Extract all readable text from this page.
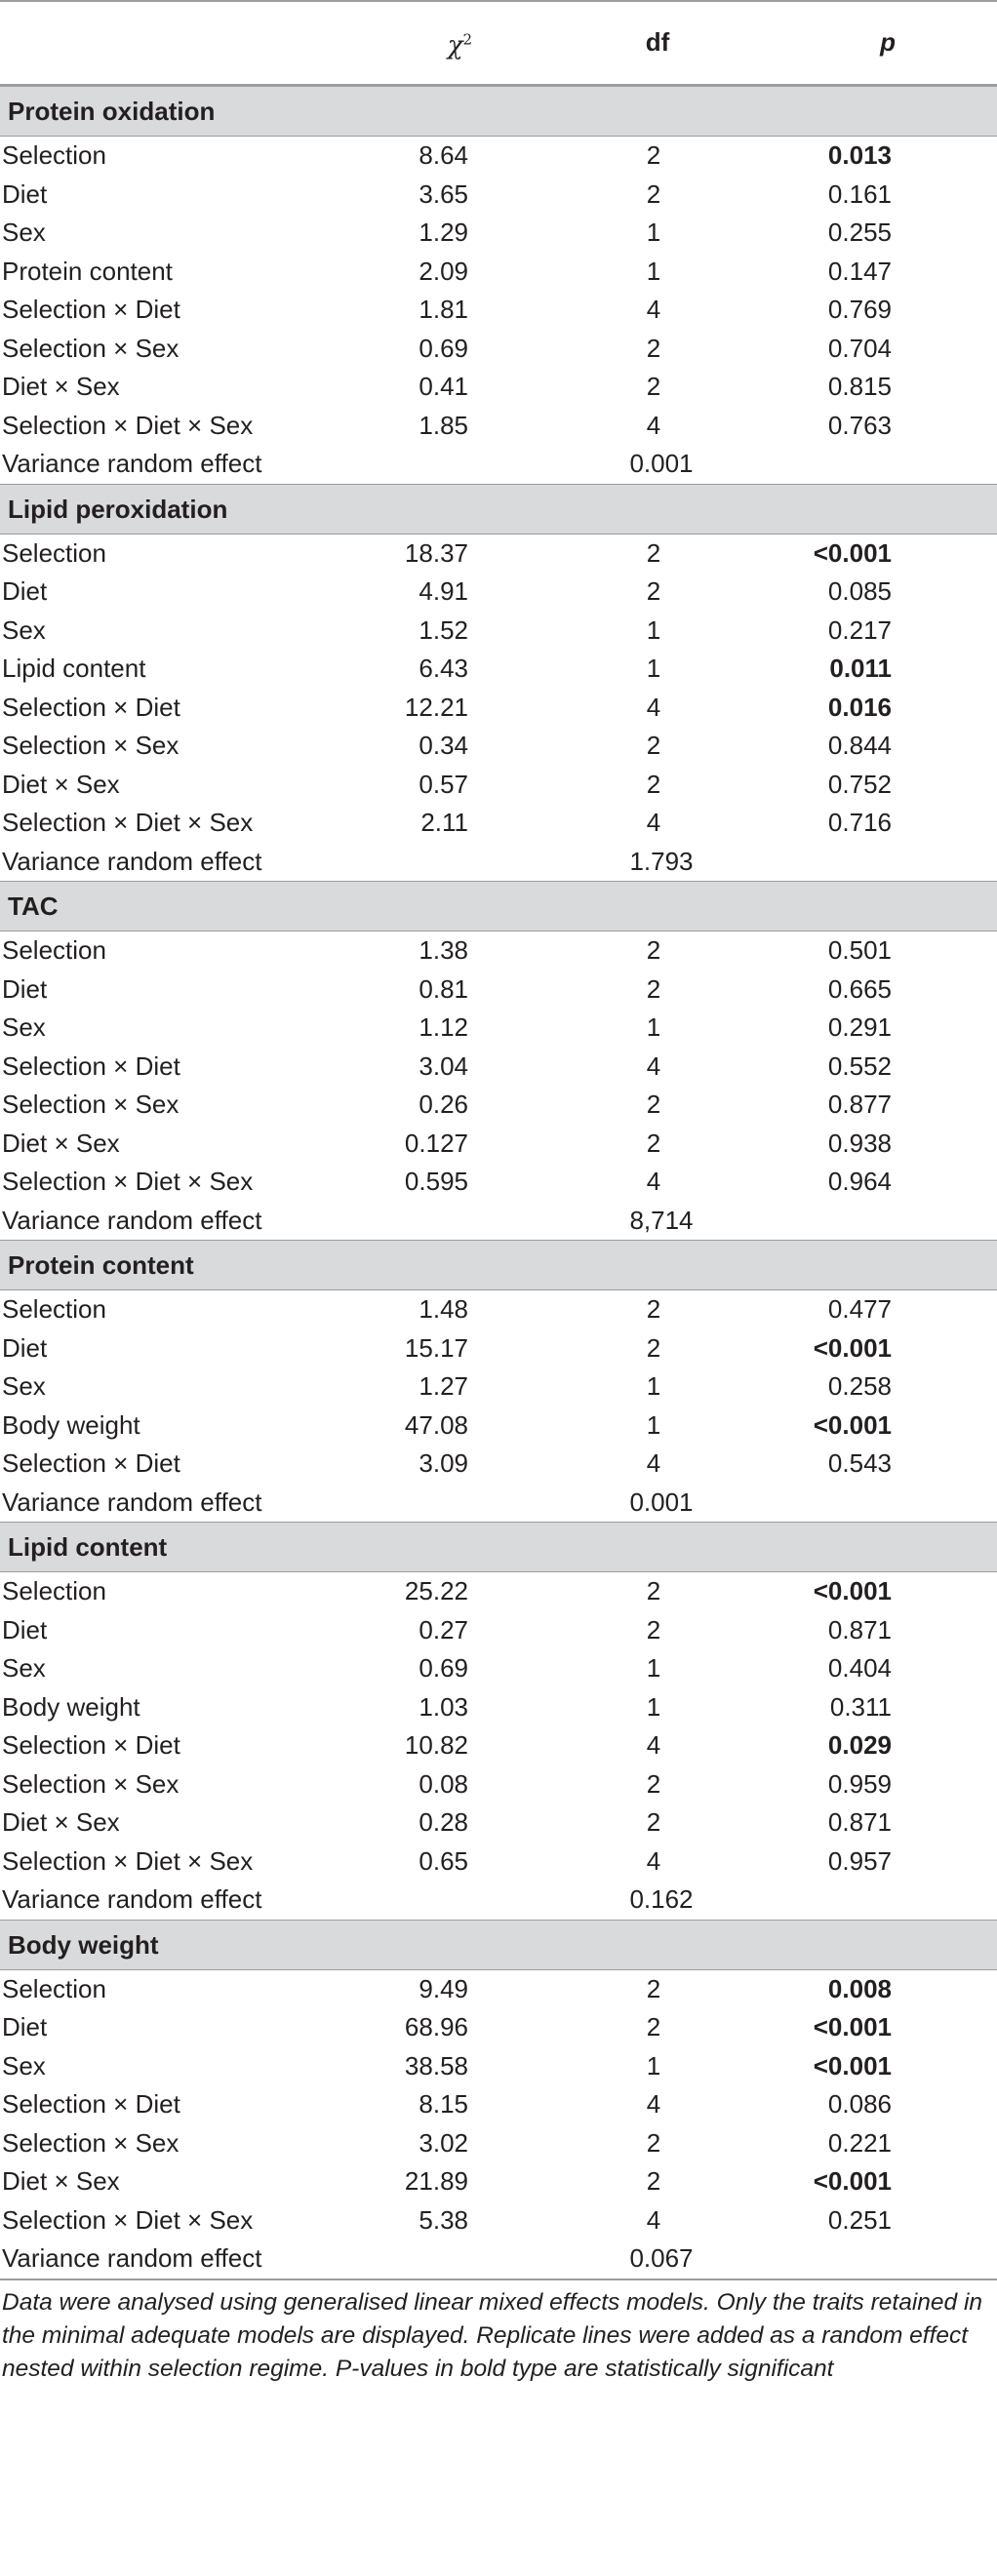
$\chi^2$	df	p
Protein oxidation
Selection	8.64	2	0.013
Diet	3.65	2	0.161
Sex	1.29	1	0.255
Protein content	2.09	1	0.147
Selection × Diet	1.81	4	0.769
Selection × Sex	0.69	2	0.704
Diet × Sex	0.41	2	0.815
Selection × Diet × Sex	1.85	4	0.763
Variance random effect	0.001
Lipid peroxidation
Selection	18.37	2	<0.001
Diet	4.91	2	0.085
Sex	1.52	1	0.217
Lipid content	6.43	1	0.011
Selection × Diet	12.21	4	0.016
Selection × Sex	0.34	2	0.844
Diet × Sex	0.57	2	0.752
Selection × Diet × Sex	2.11	4	0.716
Variance random effect	1.793
TAC
Selection	1.38	2	0.501
Diet	0.81	2	0.665
Sex	1.12	1	0.291
Selection × Diet	3.04	4	0.552
Selection × Sex	0.26	2	0.877
Diet × Sex	0.127	2	0.938
Selection × Diet × Sex	0.595	4	0.964
Variance random effect	8,714
Protein content
Selection	1.48	2	0.477
Diet	15.17	2	<0.001
Sex	1.27	1	0.258
Body weight	47.08	1	<0.001
Selection × Diet	3.09	4	0.543
Variance random effect	0.001
Lipid content
Selection	25.22	2	<0.001
Diet	0.27	2	0.871
Sex	0.69	1	0.404
Body weight	1.03	1	0.311
Selection × Diet	10.82	4	0.029
Selection × Sex	0.08	2	0.959
Diet × Sex	0.28	2	0.871
Selection × Diet × Sex	0.65	4	0.957
Variance random effect	0.162
Body weight
Selection	9.49	2	0.008
Diet	68.96	2	<0.001
Sex	38.58	1	<0.001
Selection × Diet	8.15	4	0.086
Selection × Sex	3.02	2	0.221
Diet × Sex	21.89	2	<0.001
Selection × Diet × Sex	5.38	4	0.251
Variance random effect	0.067
Data were analysed using generalised linear mixed effects models. Only the traits retained in the minimal adequate models are displayed. Replicate lines were added as a random effect nested within selection regime. P-values in bold type are statistically significant
